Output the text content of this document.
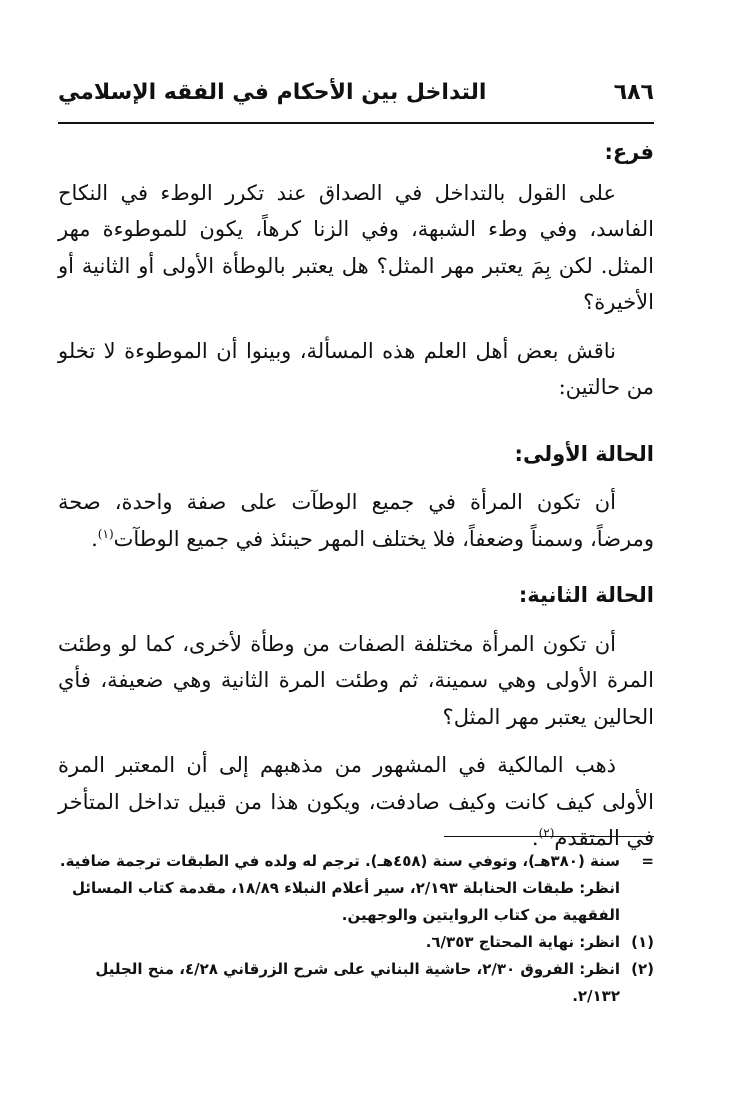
٦٨٦
التداخل بين الأحكام في الفقه الإسلامي

فرع:

على القول بالتداخل في الصداق عند تكرر الوطء في النكاح الفاسد، وفي وطء الشبهة، وفي الزنا كرهاً، يكون للموطوءة مهر المثل. لكن بِمَ يعتبر مهر المثل؟ هل يعتبر بالوطأة الأولى أو الثانية أو الأخيرة؟

ناقش بعض أهل العلم هذه المسألة، وبينوا أن الموطوءة لا تخلو من حالتين:

الحالة الأولى:

أن تكون المرأة في جميع الوطآت على صفة واحدة، صحة ومرضاً، وسمناً وضعفاً، فلا يختلف المهر حينئذ في جميع الوطآت$^{(١)}$.

الحالة الثانية:

أن تكون المرأة مختلفة الصفات من وطأة لأخرى، كما لو وطئت المرة الأولى وهي سمينة، ثم وطئت المرة الثانية وهي ضعيفة، فأي الحالين يعتبر مهر المثل؟

ذهب المالكية في المشهور من مذهبهم إلى أن المعتبر المرة الأولى كيف كانت وكيف صادفت، ويكون هذا من قبيل تداخل المتأخر في المتقدم$^{(٢)}$.

=
سنة (٣٨٠هـ)، وتوفي سنة (٤٥٨هـ). ترجم له ولده في الطبقات ترجمة ضافية.

انظر: طبقات الحنابلة ٢/١٩٣، سير أعلام النبلاء ١٨/٨٩، مقدمة كتاب المسائل الفقهية من كتاب الروايتين والوجهين.

(١)
انظر: نهاية المحتاج ٦/٣٥٣.

(٢)
انظر: الفروق ٢/٣٠، حاشية البناني على شرح الزرقاني ٤/٢٨، منح الجليل ٢/١٣٢.
